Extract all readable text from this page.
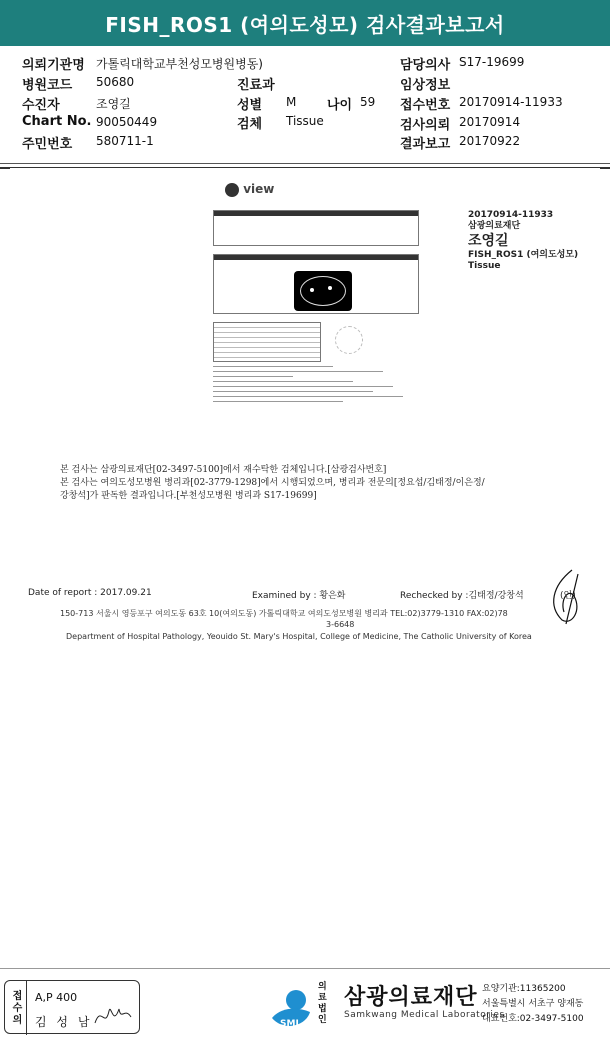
FISH_ROS1 (여의도성모) 검사결과보고서
의뢰기관명 가톨릭대학교부천성모병원병동)
병원코드 50680
수진자	조영길
Chart No. 90050449
주민번호 580711-1
진료과
성별 M 나이 59
검체 Tissue
담당의사 S17-19699
임상정보
접수번호 20170914-11933
검사의뢰 20170914
결과보고 20170922
view
20170914-11933
삼광의료재단
조영길
FISH_ROS1 (여의도성모)
Tissue
본 검사는 삼광의료재단[02-3497-5100]에서 재수탁한 검체입니다.[삼광검사번호]
본 검사는 여의도성모병원 병리과[02-3779-1298]에서 시행되었으며, 병리과 전문의[정요섭/김태정/이은정/
강창석]가 판독한 결과입니다.[부천성모병원 병리과 S17-19699]
Date of report : 2017.09.21	Examined by : 황은화	Rechecked by :김태정/강창석	(인)
150-713 서울시 영등포구 여의도동 63호 10(여의도동) 가톨릭대학교 여의도성모병원 병리과 TEL:02)3779-1310 FAX:02)78
3-6648
Department of Hospital Pathology, Yeouido St. Mary's Hospital, College of Medicine, The Catholic University of Korea
접수의	A,P 400
김 성 남	SML
의료
법인
삼광의료재단
Samkwang Medical Laboratories
요양기관:11365200
서울특별시 서초구 양재동
대표번호:02-3497-5100
